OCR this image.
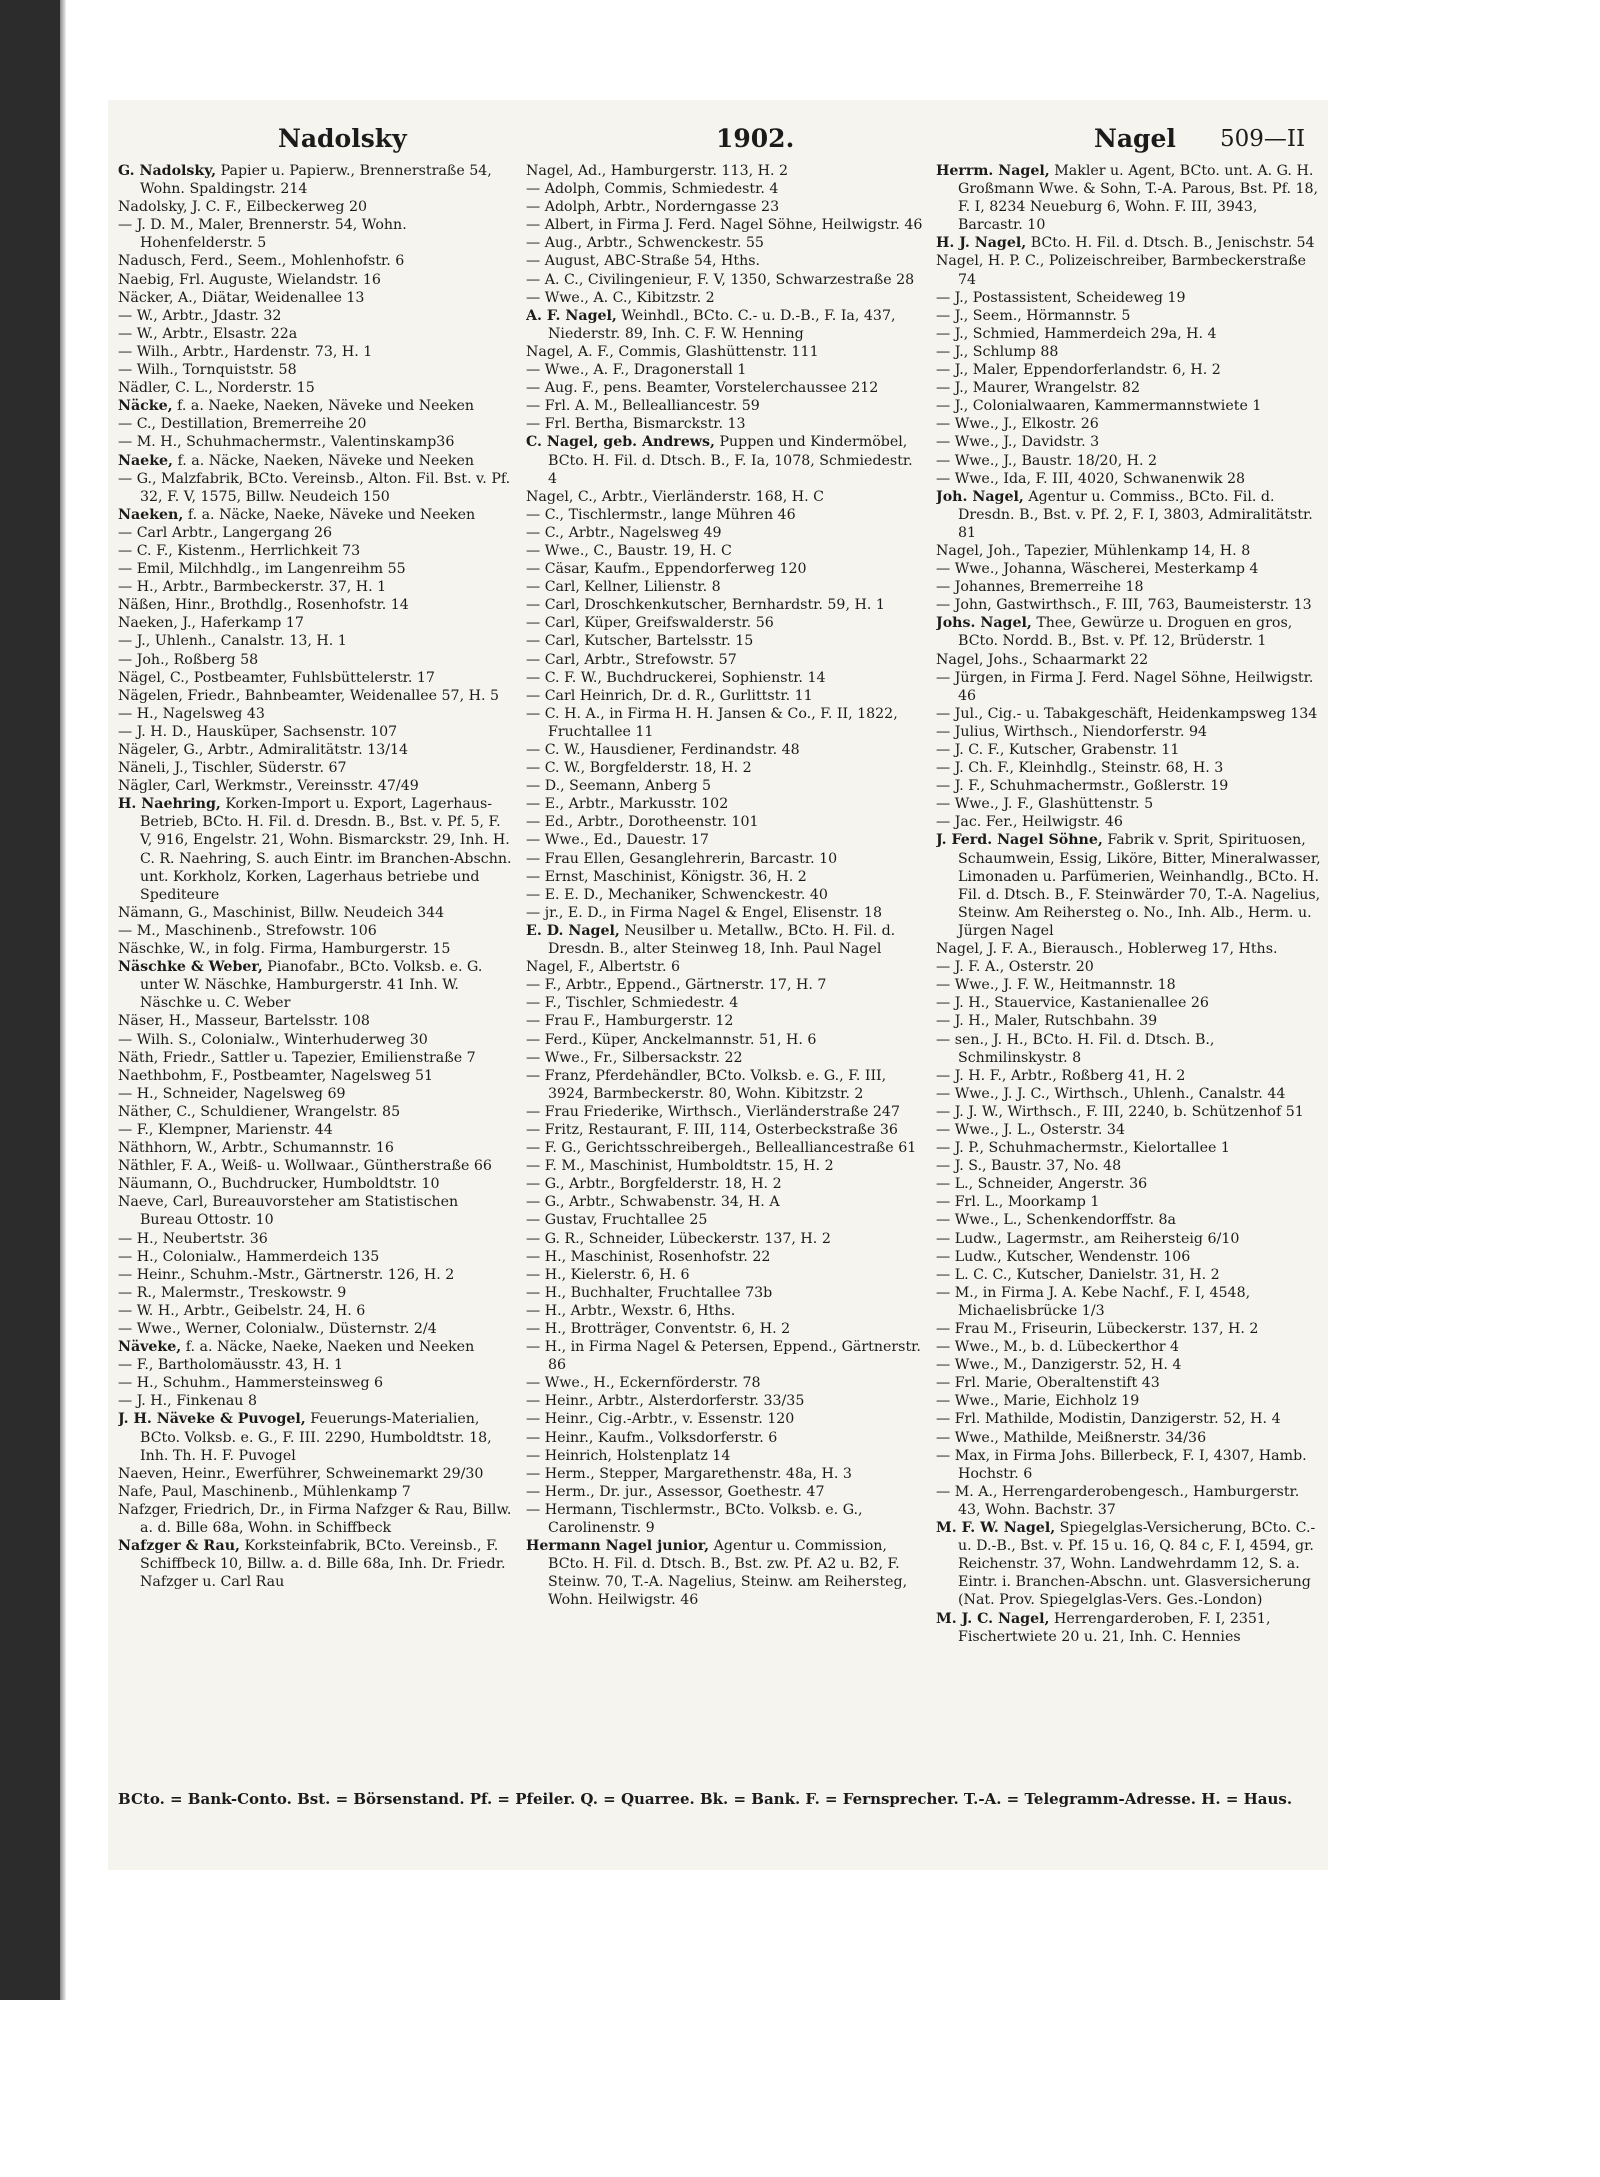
Nadolsky	1902.	Nagel 509—II
G. Nadolsky, Papier u. Papierw., Brennerstraße 54, Wohn. Spaldingstr. 214
Nadolsky, J. C. F., Eilbeckerweg 20
— J. D. M., Maler, Brennerstr. 54, Wohn. Hohenfelderstr. 5
Nadusch, Ferd., Seem., Mohlenhofstr. 6
Naebig, Frl. Auguste, Wielandstr. 16
Näcker, A., Diätar, Weidenallee 13
— W., Arbtr., Jdastr. 32
— W., Arbtr., Elsastr. 22a
— Wilh., Arbtr., Hardenstr. 73, H. 1
— Wilh., Tornquiststr. 58
Nädler, C. L., Norderstr. 15
Näcke, f. a. Naeke, Naeken, Näveke und Neeken
— C., Destillation, Bremerreihe 20
— M. H., Schuhmachermstr., Valentinskamp36
Naeke, f. a. Näcke, Naeken, Näveke und Neeken
— G., Malzfabrik, BCto. Vereinsb., Alton. Fil. Bst. v. Pf. 32, F. V, 1575, Billw. Neudeich 150
Naeken, f. a. Näcke, Naeke, Näveke und Neeken
— Carl Arbtr., Langergang 26
— C. F., Kistenm., Herrlichkeit 73
— Emil, Milchhdlg., im Langenreihm 55
— H., Arbtr., Barmbeckerstr. 37, H. 1
Näßen, Hinr., Brothdlg., Rosenhofstr. 14
Naeken, J., Haferkamp 17
— J., Uhlenh., Canalstr. 13, H. 1
— Joh., Roßberg 58
Nägel, C., Postbeamter, Fuhlsbüttelerstr. 17
Nägelen, Friedr., Bahnbeamter, Weidenallee 57, H. 5
— H., Nagelsweg 43
— J. H. D., Hausküper, Sachsenstr. 107
Nägeler, G., Arbtr., Admiralitätstr. 13/14
Näneli, J., Tischler, Süderstr. 67
Nägler, Carl, Werkmstr., Vereinsstr. 47/49
H. Naehring, Korken-Import u. Export, Lagerhaus-Betrieb, BCto. H. Fil. d. Dresdn. B., Bst. v. Pf. 5, F. V, 916, Engelstr. 21, Wohn. Bismarckstr. 29, Inh. H. C. R. Naehring, S. auch Eintr. im Branchen-Abschn. unt. Korkholz, Korken, Lagerhaus betriebe und Spediteure
Nämann, G., Maschinist, Billw. Neudeich 344
— M., Maschinenb., Strefowstr. 106
Näschke, W., in folg. Firma, Hamburgerstr. 15
Näschke & Weber, Pianofabr., BCto. Volksb. e. G. unter W. Näschke, Hamburgerstr. 41 Inh. W. Näschke u. C. Weber
Näser, H., Masseur, Bartelsstr. 108
— Wilh. S., Colonialw., Winterhuderweg 30
Näth, Friedr., Sattler u. Tapezier, Emilienstraße 7
Naethbohm, F., Postbeamter, Nagelsweg 51
— H., Schneider, Nagelsweg 69
Näther, C., Schuldiener, Wrangelstr. 85
— F., Klempner, Marienstr. 44
Näthhorn, W., Arbtr., Schumannstr. 16
Näthler, F. A., Weiß- u. Wollwaar., Güntherstraße 66
Näumann, O., Buchdrucker, Humboldtstr. 10
Naeve, Carl, Bureauvorsteher am Statistischen Bureau Ottostr. 10
— H., Neubertstr. 36
— H., Colonialw., Hammerdeich 135
— Heinr., Schuhm.-Mstr., Gärtnerstr. 126, H. 2
— R., Malermstr., Treskowstr. 9
— W. H., Arbtr., Geibelstr. 24, H. 6
— Wwe., Werner, Colonialw., Düsternstr. 2/4
Näveke, f. a. Näcke, Naeke, Naeken und Neeken
— F., Bartholomäusstr. 43, H. 1
— H., Schuhm., Hammersteinsweg 6
— J. H., Finkenau 8
J. H. Näveke & Puvogel, Feuerungs-Materialien, BCto. Volksb. e. G., F. III. 2290, Humboldtstr. 18, Inh. Th. H. F. Puvogel
Naeven, Heinr., Ewerführer, Schweinemarkt 29/30
Nafe, Paul, Maschinenb., Mühlenkamp 7
Nafzger, Friedrich, Dr., in Firma Nafzger & Rau, Billw. a. d. Bille 68a, Wohn. in Schiffbeck
Nafzger & Rau, Korksteinfabrik, BCto. Vereinsb., F. Schiffbeck 10, Billw. a. d. Bille 68a, Inh. Dr. Friedr. Nafzger u. Carl Rau
Nagel, Ad., Hamburgerstr. 113, H. 2
— Adolph, Commis, Schmiedestr. 4
— Adolph, Arbtr., Norderngasse 23
— Albert, in Firma J. Ferd. Nagel Söhne, Heilwigstr. 46
— Aug., Arbtr., Schwenckestr. 55
— August, ABC-Straße 54, Hths.
— A. C., Civilingenieur, F. V, 1350, Schwarzestraße 28
— Wwe., A. C., Kibitzstr. 2
A. F. Nagel, Weinhdl., BCto. C.- u. D.-B., F. Ia, 437, Niederstr. 89, Inh. C. F. W. Henning
Nagel, A. F., Commis, Glashüttenstr. 111
— Wwe., A. F., Dragonerstall 1
— Aug. F., pens. Beamter, Vorstelerchaussee 212
— Frl. A. M., Bellealliancestr. 59
— Frl. Bertha, Bismarckstr. 13
C. Nagel, geb. Andrews, Puppen und Kindermöbel, BCto. H. Fil. d. Dtsch. B., F. Ia, 1078, Schmiedestr. 4
Nagel, C., Arbtr., Vierländerstr. 168, H. C
— C., Tischlermstr., lange Mühren 46
— C., Arbtr., Nagelsweg 49
— Wwe., C., Baustr. 19, H. C
— Cäsar, Kaufm., Eppendorferweg 120
— Carl, Kellner, Lilienstr. 8
— Carl, Droschkenkutscher, Bernhardstr. 59, H. 1
— Carl, Küper, Greifswalderstr. 56
— Carl, Kutscher, Bartelsstr. 15
— Carl, Arbtr., Strefowstr. 57
— C. F. W., Buchdruckerei, Sophienstr. 14
— Carl Heinrich, Dr. d. R., Gurlittstr. 11
— C. H. A., in Firma H. H. Jansen & Co., F. II, 1822, Fruchtallee 11
— C. W., Hausdiener, Ferdinandstr. 48
— C. W., Borgfelderstr. 18, H. 2
— D., Seemann, Anberg 5
— E., Arbtr., Markusstr. 102
— Ed., Arbtr., Dorotheenstr. 101
— Wwe., Ed., Dauestr. 17
— Frau Ellen, Gesanglehrerin, Barcastr. 10
— Ernst, Maschinist, Königstr. 36, H. 2
— E. E. D., Mechaniker, Schwenckestr. 40
— jr., E. D., in Firma Nagel & Engel, Elisenstr. 18
E. D. Nagel, Neusilber u. Metallw., BCto. H. Fil. d. Dresdn. B., alter Steinweg 18, Inh. Paul Nagel
Nagel, F., Albertstr. 6
— F., Arbtr., Eppend., Gärtnerstr. 17, H. 7
— F., Tischler, Schmiedestr. 4
— Frau F., Hamburgerstr. 12
— Ferd., Küper, Anckelmannstr. 51, H. 6
— Wwe., Fr., Silbersackstr. 22
— Franz, Pferdehändler, BCto. Volksb. e. G., F. III, 3924, Barmbeckerstr. 80, Wohn. Kibitzstr. 2
— Frau Friederike, Wirthsch., Vierländerstraße 247
— Fritz, Restaurant, F. III, 114, Osterbeckstraße 36
— F. G., Gerichtsschreibergeh., Bellealliancestraße 61
— F. M., Maschinist, Humboldtstr. 15, H. 2
— G., Arbtr., Borgfelderstr. 18, H. 2
— G., Arbtr., Schwabenstr. 34, H. A
— Gustav, Fruchtallee 25
— G. R., Schneider, Lübeckerstr. 137, H. 2
— H., Maschinist, Rosenhofstr. 22
— H., Kielerstr. 6, H. 6
— H., Buchhalter, Fruchtallee 73b
— H., Arbtr., Wexstr. 6, Hths.
— H., Brotträger, Conventstr. 6, H. 2
— H., in Firma Nagel & Petersen, Eppend., Gärtnerstr. 86
— Wwe., H., Eckernförderstr. 78
— Heinr., Arbtr., Alsterdorferstr. 33/35
— Heinr., Cig.-Arbtr., v. Essenstr. 120
— Heinr., Kaufm., Volksdorferstr. 6
— Heinrich, Holstenplatz 14
— Herm., Stepper, Margarethenstr. 48a, H. 3
— Herm., Dr. jur., Assessor, Goethestr. 47
— Hermann, Tischlermstr., BCto. Volksb. e. G., Carolinenstr. 9
Hermann Nagel junior, Agentur u. Commission, BCto. H. Fil. d. Dtsch. B., Bst. zw. Pf. A2 u. B2, F. Steinw. 70, T.-A. Nagelius, Steinw. am Reihersteg, Wohn. Heilwigstr. 46
Herrm. Nagel, Makler u. Agent, BCto. unt. A. G. H. Großmann Wwe. & Sohn, T.-A. Parous, Bst. Pf. 18, F. I, 8234 Neueburg 6, Wohn. F. III, 3943, Barcastr. 10
H. J. Nagel, BCto. H. Fil. d. Dtsch. B., Jenischstr. 54
Nagel, H. P. C., Polizeischreiber, Barmbeckerstraße 74
— J., Postassistent, Scheideweg 19
— J., Seem., Hörmannstr. 5
— J., Schmied, Hammerdeich 29a, H. 4
— J., Schlump 88
— J., Maler, Eppendorferlandstr. 6, H. 2
— J., Maurer, Wrangelstr. 82
— J., Colonialwaaren, Kammermannstwiete 1
— Wwe., J., Elkostr. 26
— Wwe., J., Davidstr. 3
— Wwe., J., Baustr. 18/20, H. 2
— Wwe., Ida, F. III, 4020, Schwanenwik 28
Joh. Nagel, Agentur u. Commiss., BCto. Fil. d. Dresdn. B., Bst. v. Pf. 2, F. I, 3803, Admiralitätstr. 81
Nagel, Joh., Tapezier, Mühlenkamp 14, H. 8
— Wwe., Johanna, Wäscherei, Mesterkamp 4
— Johannes, Bremerreihe 18
— John, Gastwirthsch., F. III, 763, Baumeisterstr. 13
Johs. Nagel, Thee, Gewürze u. Droguen en gros, BCto. Nordd. B., Bst. v. Pf. 12, Brüderstr. 1
Nagel, Johs., Schaarmarkt 22
— Jürgen, in Firma J. Ferd. Nagel Söhne, Heilwigstr. 46
— Jul., Cig.- u. Tabakgeschäft, Heidenkampsweg 134
— Julius, Wirthsch., Niendorferstr. 94
— J. C. F., Kutscher, Grabenstr. 11
— J. Ch. F., Kleinhdlg., Steinstr. 68, H. 3
— J. F., Schuhmachermstr., Goßlerstr. 19
— Wwe., J. F., Glashüttenstr. 5
— Jac. Fer., Heilwigstr. 46
J. Ferd. Nagel Söhne, Fabrik v. Sprit, Spirituosen, Schaumwein, Essig, Liköre, Bitter, Mineralwasser, Limonaden u. Parfümerien, Weinhandlg., BCto. H. Fil. d. Dtsch. B., F. Steinwärder 70, T.-A. Nagelius, Steinw. Am Reihersteg o. No., Inh. Alb., Herm. u. Jürgen Nagel
Nagel, J. F. A., Bierausch., Hoblerweg 17, Hths.
— J. F. A., Osterstr. 20
— Wwe., J. F. W., Heitmannstr. 18
— J. H., Stauervice, Kastanienallee 26
— J. H., Maler, Rutschbahn. 39
— sen., J. H., BCto. H. Fil. d. Dtsch. B., Schmilinskystr. 8
— J. H. F., Arbtr., Roßberg 41, H. 2
— Wwe., J. J. C., Wirthsch., Uhlenh., Canalstr. 44
— J. J. W., Wirthsch., F. III, 2240, b. Schützenhof 51
— Wwe., J. L., Osterstr. 34
— J. P., Schuhmachermstr., Kielortallee 1
— J. S., Baustr. 37, No. 48
— L., Schneider, Angerstr. 36
— Frl. L., Moorkamp 1
— Wwe., L., Schenkendorffstr. 8a
— Ludw., Lagermstr., am Reihersteig 6/10
— Ludw., Kutscher, Wendenstr. 106
— L. C. C., Kutscher, Danielstr. 31, H. 2
— M., in Firma J. A. Kebe Nachf., F. I, 4548, Michaelisbrücke 1/3
— Frau M., Friseurin, Lübeckerstr. 137, H. 2
— Wwe., M., b. d. Lübeckerthor 4
— Wwe., M., Danzigerstr. 52, H. 4
— Frl. Marie, Oberaltenstift 43
— Wwe., Marie, Eichholz 19
— Frl. Mathilde, Modistin, Danzigerstr. 52, H. 4
— Wwe., Mathilde, Meißnerstr. 34/36
— Max, in Firma Johs. Billerbeck, F. I, 4307, Hamb. Hochstr. 6
— M. A., Herrengarderobengesch., Hamburgerstr. 43, Wohn. Bachstr. 37
M. F. W. Nagel, Spiegelglas-Versicherung, BCto. C.- u. D.-B., Bst. v. Pf. 15 u. 16, Q. 84 c, F. I, 4594, gr. Reichenstr. 37, Wohn. Landwehrdamm 12, S. a. Eintr. i. Branchen-Abschn. unt. Glasversicherung (Nat. Prov. Spiegelglas-Vers. Ges.-London)
M. J. C. Nagel, Herrengarderoben, F. I, 2351, Fischertwiete 20 u. 21, Inh. C. Hennies
BCto. = Bank-Conto. Bst. = Börsenstand. Pf. = Pfeiler. Q. = Quarree. Bk. = Bank. F. = Fernsprecher. T.-A. = Telegramm-Adresse. H. = Haus.
